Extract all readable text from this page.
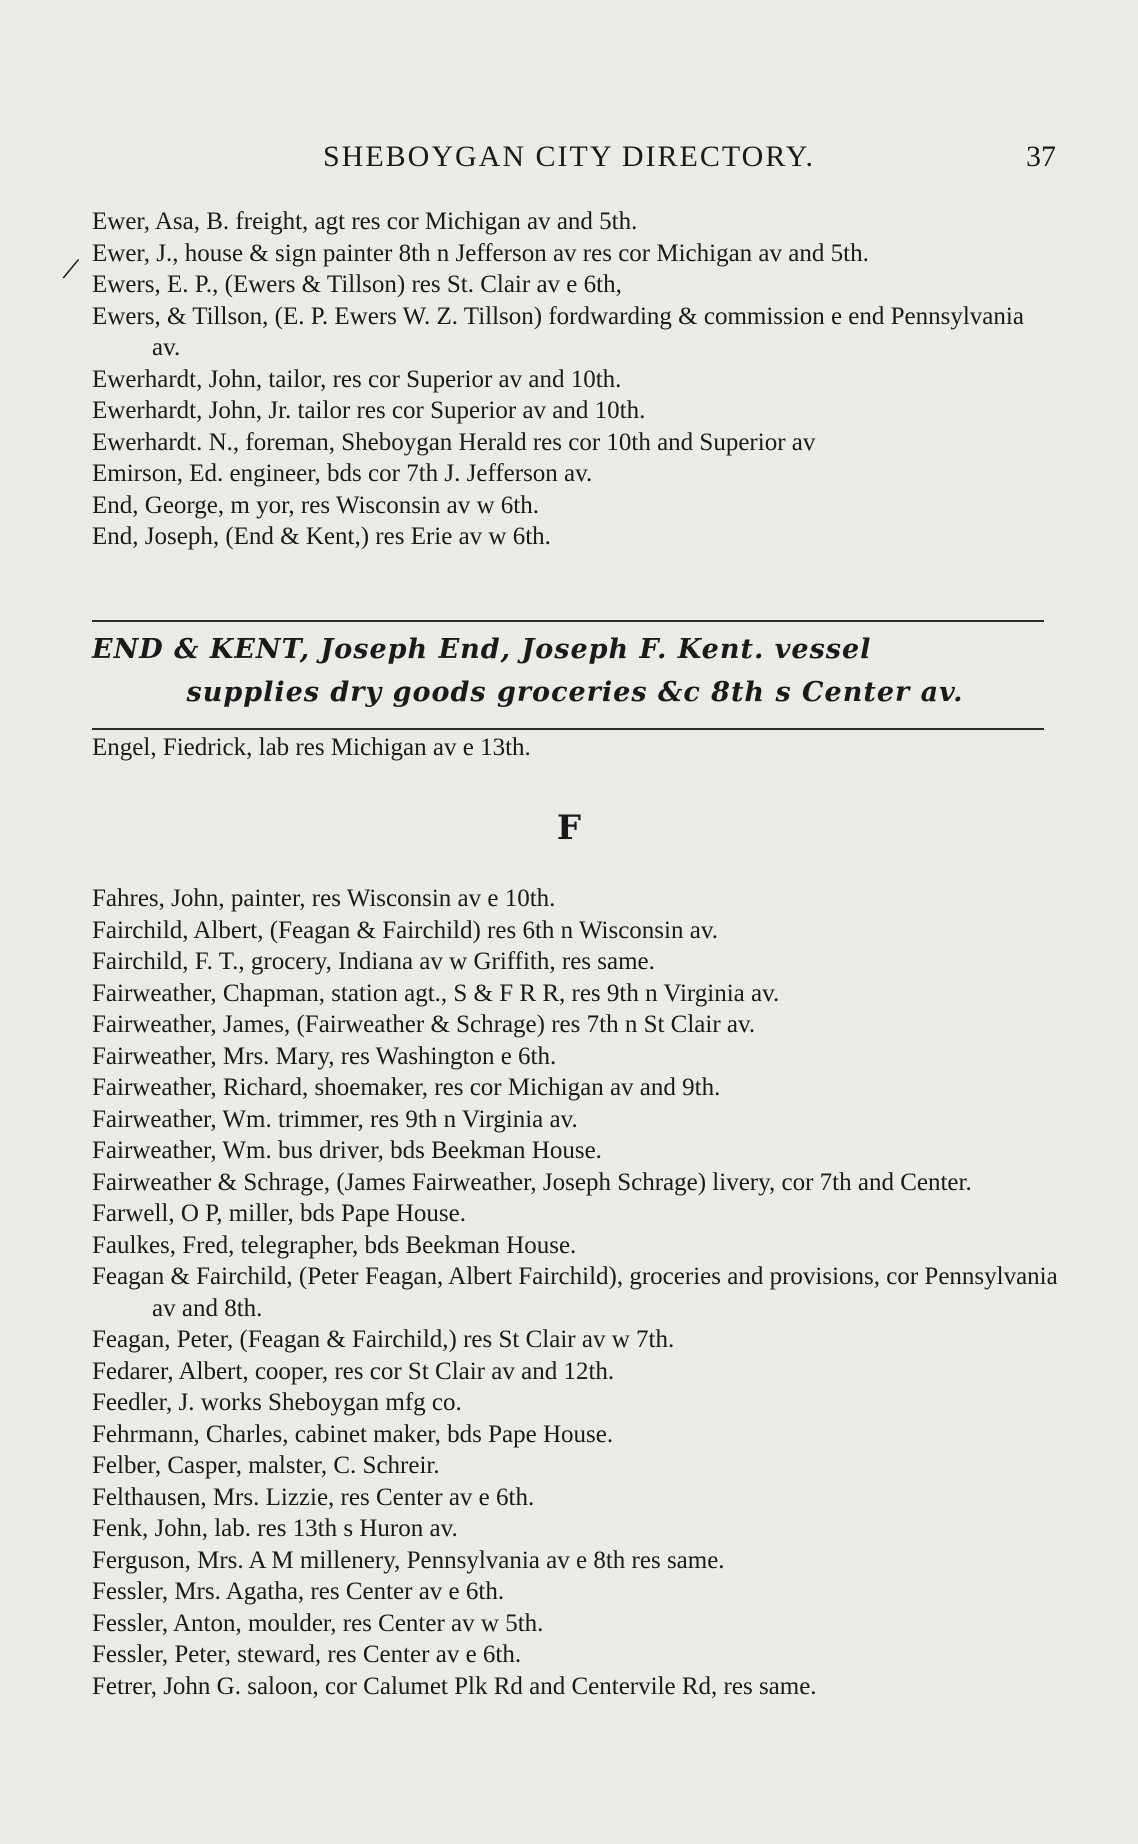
SHEBOYGAN CITY DIRECTORY.	37
/
Ewer, Asa, B. freight, agt res cor Michigan av and 5th.
Ewer, J., house & sign painter 8th n Jefferson av res cor Michigan av and 5th.
Ewers, E. P., (Ewers & Tillson) res St. Clair av e 6th,
Ewers, & Tillson, (E. P. Ewers W. Z. Tillson) fordwarding & commission e end Pennsylvania av.
Ewerhardt, John, tailor, res cor Superior av and 10th.
Ewerhardt, John, Jr. tailor res cor Superior av and 10th.
Ewerhardt. N., foreman, Sheboygan Herald res cor 10th and Superior av
Emirson, Ed. engineer, bds cor 7th J. Jefferson av.
End, George, m yor, res Wisconsin av w 6th.
End, Joseph, (End & Kent,) res Erie av w 6th.
END & KENT, Joseph End, Joseph F. Kent. vessel
supplies dry goods groceries &c 8th s Center av.
Engel, Fiedrick, lab res Michigan av e 13th.
F
Fahres, John, painter, res Wisconsin av e 10th.
Fairchild, Albert, (Feagan & Fairchild) res 6th n Wisconsin av.
Fairchild, F. T., grocery, Indiana av w Griffith, res same.
Fairweather, Chapman, station agt., S & F R R, res 9th n Virginia av.
Fairweather, James, (Fairweather & Schrage) res 7th n St Clair av.
Fairweather, Mrs. Mary, res Washington e 6th.
Fairweather, Richard, shoemaker, res cor Michigan av and 9th.
Fairweather, Wm. trimmer, res 9th n Virginia av.
Fairweather, Wm. bus driver, bds Beekman House.
Fairweather & Schrage, (James Fairweather, Joseph Schrage) livery, cor 7th and Center.
Farwell, O P, miller, bds Pape House.
Faulkes, Fred, telegrapher, bds Beekman House.
Feagan & Fairchild, (Peter Feagan, Albert Fairchild), groceries and provisions, cor Pennsylvania av and 8th.
Feagan, Peter, (Feagan & Fairchild,) res St Clair av w 7th.
Fedarer, Albert, cooper, res cor St Clair av and 12th.
Feedler, J. works Sheboygan mfg co.
Fehrmann, Charles, cabinet maker, bds Pape House.
Felber, Casper, malster, C. Schreir.
Felthausen, Mrs. Lizzie, res Center av e 6th.
Fenk, John, lab. res 13th s Huron av.
Ferguson, Mrs. A M millenery, Pennsylvania av e 8th res same.
Fessler, Mrs. Agatha, res Center av e 6th.
Fessler, Anton, moulder, res Center av w 5th.
Fessler, Peter, steward, res Center av e 6th.
Fetrer, John G. saloon, cor Calumet Plk Rd and Centervile Rd, res same.
